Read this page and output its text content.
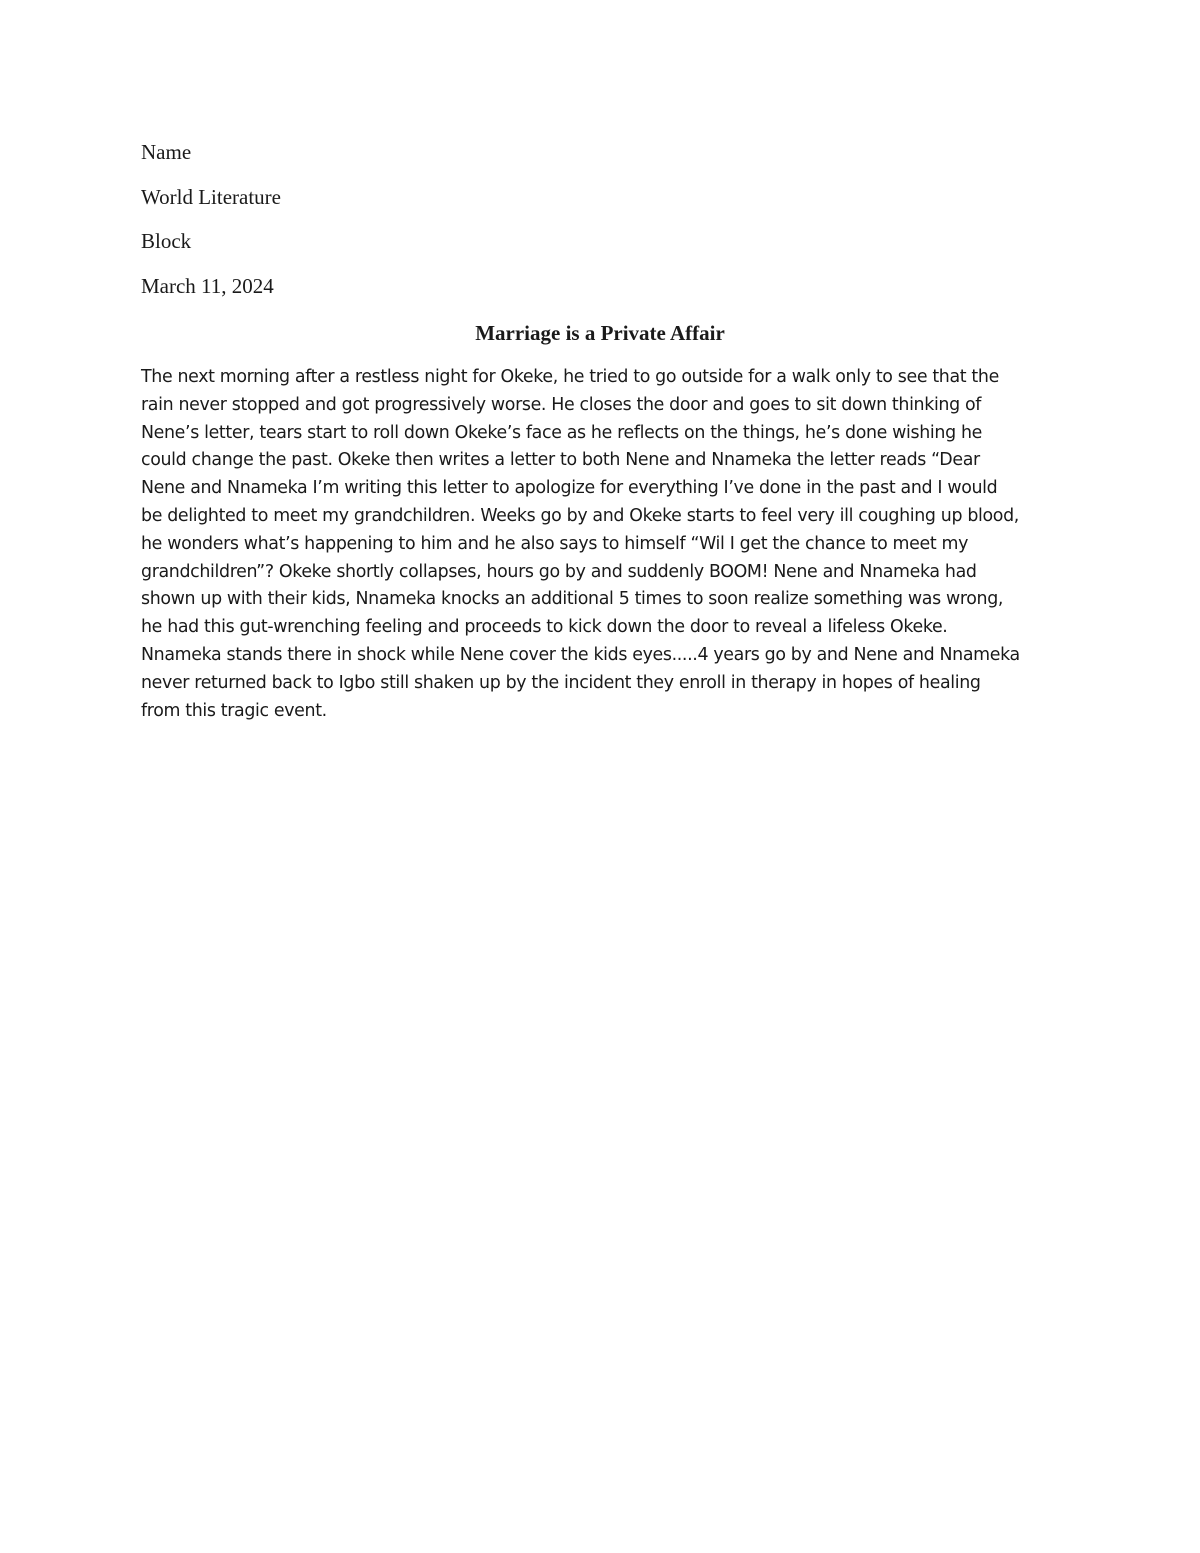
Name
World Literature
Block
March 11, 2024
Marriage is a Private Affair

The next morning after a restless night for Okeke, he tried to go outside for a walk only to see that the
rain never stopped and got progressively worse. He closes the door and goes to sit down thinking of
Nene’s letter, tears start to roll down Okeke’s face as he reflects on the things, he’s done wishing he
could change the past. Okeke then writes a letter to both Nene and Nnameka the letter reads “Dear
Nene and Nnameka I’m writing this letter to apologize for everything I’ve done in the past and I would
be delighted to meet my grandchildren. Weeks go by and Okeke starts to feel very ill coughing up blood,
he wonders what’s happening to him and he also says to himself “Wil I get the chance to meet my
grandchildren”? Okeke shortly collapses, hours go by and suddenly BOOM! Nene and Nnameka had
shown up with their kids, Nnameka knocks an additional 5 times to soon realize something was wrong,
he had this gut-wrenching feeling and proceeds to kick down the door to reveal a lifeless Okeke.
Nnameka stands there in shock while Nene cover the kids eyes.....4 years go by and Nene and Nnameka
never returned back to Igbo still shaken up by the incident they enroll in therapy in hopes of healing
from this tragic event.
